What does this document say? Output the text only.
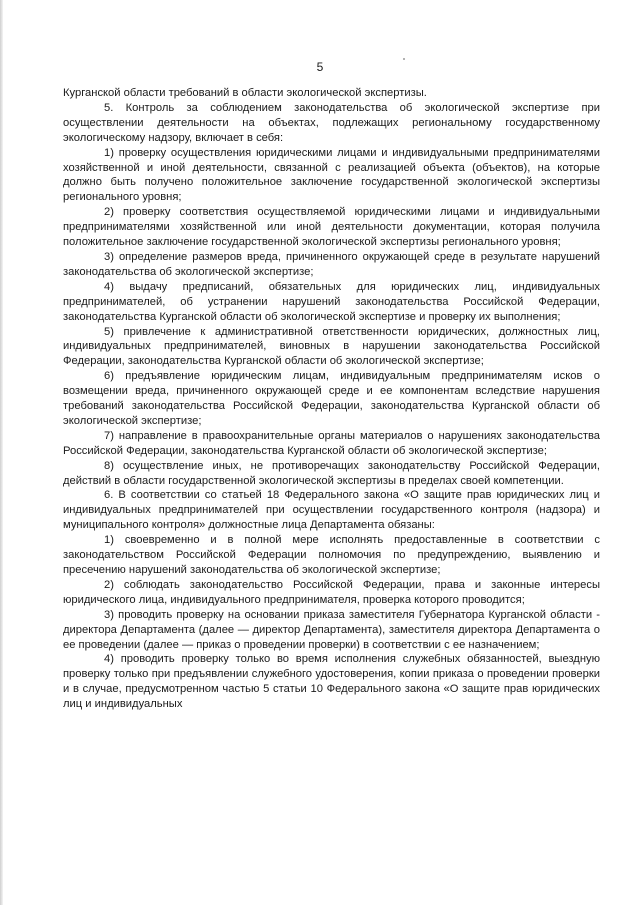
5

Курганской области требований в области экологической экспертизы.

5. Контроль за соблюдением законодательства об экологической экспертизе при осуществлении деятельности на объектах, подлежащих региональному государственному экологическому надзору, включает в себя:

1) проверку осуществления юридическими лицами и индивидуальными предпринимателями хозяйственной и иной деятельности, связанной с реализацией объекта (объектов), на которые должно быть получено положительное заключение государственной экологической экспертизы регионального уровня;

2) проверку соответствия осуществляемой юридическими лицами и индивидуальными предпринимателями хозяйственной или иной деятельности документации, которая получила положительное заключение государственной экологической экспертизы регионального уровня;

3) определение размеров вреда, причиненного окружающей среде в результате нарушений законодательства об экологической экспертизе;

4) выдачу предписаний, обязательных для юридических лиц, индивидуальных предпринимателей, об устранении нарушений законодательства Российской Федерации, законодательства Курганской области об экологической экспертизе и проверку их выполнения;

5) привлечение к административной ответственности юридических, должностных лиц, индивидуальных предпринимателей, виновных в нарушении законодательства Российской Федерации, законодательства Курганской области об экологической экспертизе;

6) предъявление юридическим лицам, индивидуальным предпринимателям исков о возмещении вреда, причиненного окружающей среде и ее компонентам вследствие нарушения требований законодательства Российской Федерации, законодательства Курганской области об экологической экспертизе;

7) направление в правоохранительные органы материалов о нарушениях законодательства Российской Федерации, законодательства Курганской области об экологической экспертизе;

8) осуществление иных, не противоречащих законодательству Российской Федерации, действий в области государственной экологической экспертизы в пределах своей компетенции.

6. В соответствии со статьей 18 Федерального закона «О защите прав юридических лиц и индивидуальных предпринимателей при осуществлении государственного контроля (надзора) и муниципального контроля» должностные лица Департамента обязаны:

1) своевременно и в полной мере исполнять предоставленные в соответствии с законодательством Российской Федерации полномочия по предупреждению, выявлению и пресечению нарушений законодательства об экологической экспертизе;

2) соблюдать законодательство Российской Федерации, права и законные интересы юридического лица, индивидуального предпринимателя, проверка которого проводится;

3) проводить проверку на основании приказа заместителя Губернатора Курганской области - директора Департамента (далее — директор Департамента), заместителя директора Департамента о ее проведении (далее — приказ о проведении проверки) в соответствии с ее назначением;

4) проводить проверку только во время исполнения служебных обязанностей, выездную проверку только при предъявлении служебного удостоверения, копии приказа о проведении проверки и в случае, предусмотренном частью 5 статьи 10 Федерального закона «О защите прав юридических лиц и индивидуальных
